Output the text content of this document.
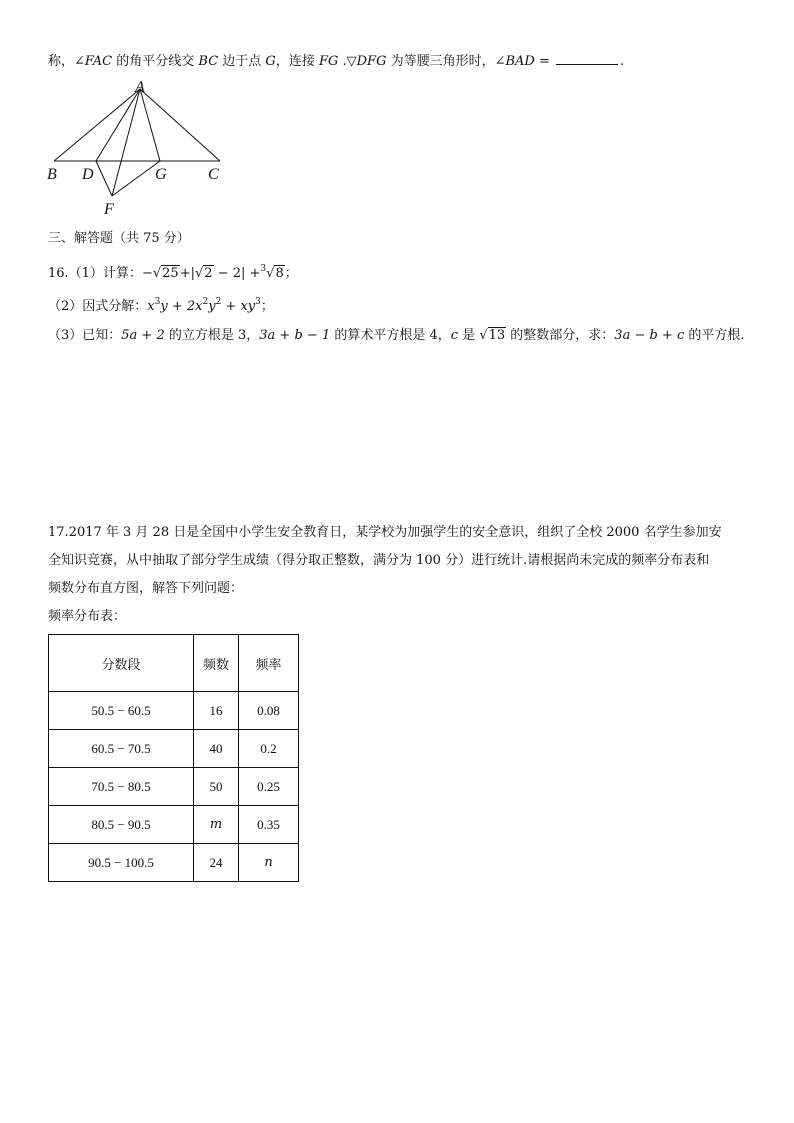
称，∠FAC 的角平分线交 BC 边于点 G，连接 FG .▽DFG 为等腰三角形时，∠BAD =	.
A
B D	G	C
F
三、解答题（共 75 分）
16.（1）计算：−√25+|√2 − 2| +$^3$√8；
（2）因式分解：$x^3y + 2x^2y^2 + xy^3$；
（3）已知：5a + 2 的立方根是 3，3a + b − 1 的算术平方根是 4，c 是 √13 的整数部分，求：3a − b + c 的平方根.
17.2017 年 3 月 28 日是全国中小学生安全教育日，某学校为加强学生的安全意识，组织了全校 2000 名学生参加安
全知识竞赛，从中抽取了部分学生成绩（得分取正整数，满分为 100 分）进行统计.请根据尚未完成的频率分布表和
频数分布直方图，解答下列问题：
频率分布表：
分数段	频数	频率
50.5 − 60.5	16	0.08
60.5 − 70.5	40	0.2
70.5 − 80.5	50	0.25
80.5 − 90.5	m	0.35
90.5 − 100.5	24	n
